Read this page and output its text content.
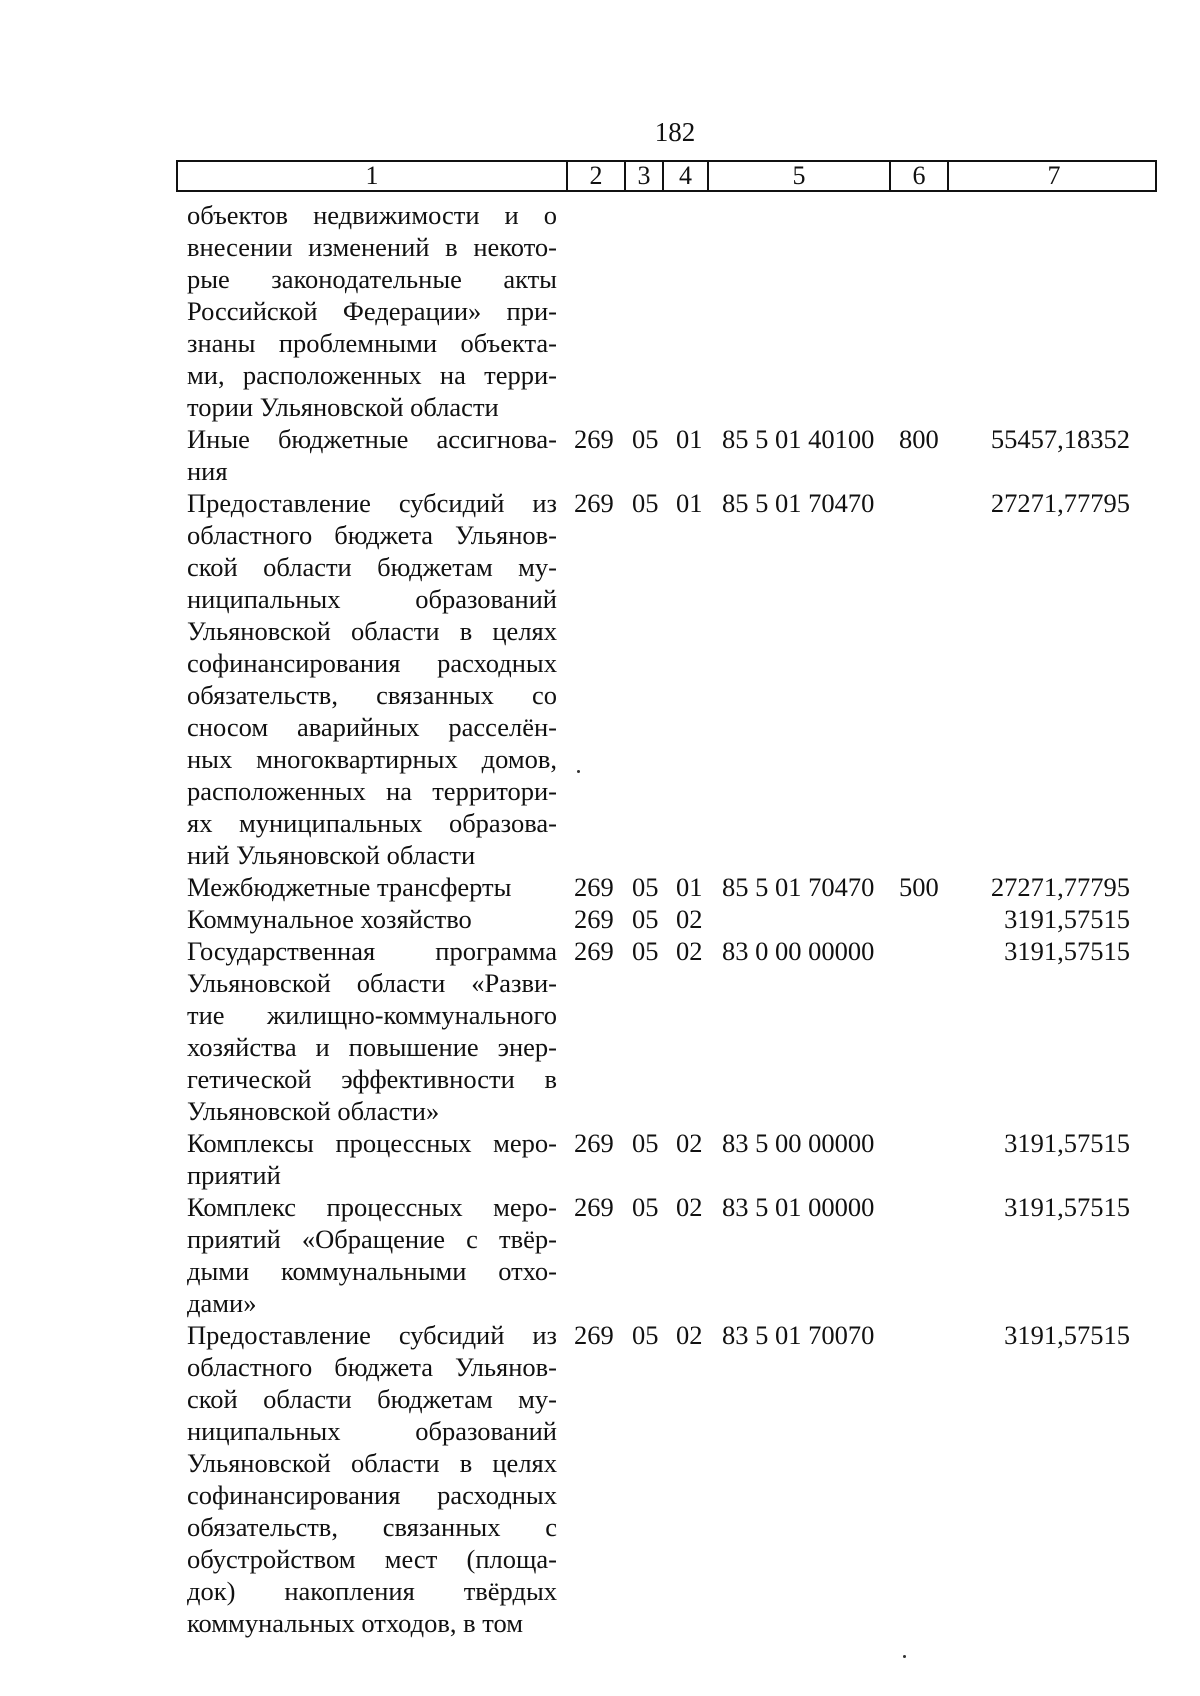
182
1	2	3	4	5	6	7
объектов недвижимости и о
внесении изменений в некото-
рые законодательные акты
Российской Федерации» при-
знаны проблемными объекта-
ми, расположенных на терри-
тории Ульяновской области
Иные бюджетные ассигнова-
ния
269 05 01 85 5 01 40100 800 55457,18352
Предоставление субсидий из
областного бюджета Ульянов-
ской области бюджетам му-
ниципальных образований
Ульяновской области в целях
софинансирования расходных
обязательств, связанных со
сносом аварийных расселён-
ных многоквартирных домов,
расположенных на территори-
ях муниципальных образова-
ний Ульяновской области
269 05 01 85 5 01 70470	27271,77795
Межбюджетные трансферты	269 05 01 85 5 01 70470 500 27271,77795
Коммунальное хозяйство	269 05 02	3191,57515
Государственная программа
Ульяновской области «Разви-
тие жилищно-коммунального
хозяйства и повышение энер-
гетической эффективности в
Ульяновской области»
269 05 02 83 0 00 00000	3191,57515
Комплексы процессных меро-
приятий
269 05 02 83 5 00 00000	3191,57515
Комплекс процессных меро-
приятий «Обращение с твёр-
дыми коммунальными отхо-
дами»
269 05 02 83 5 01 00000	3191,57515
Предоставление субсидий из
областного бюджета Ульянов-
ской области бюджетам му-
ниципальных образований
Ульяновской области в целях
софинансирования расходных
обязательств, связанных с
обустройством мест (площа-
док) накопления твёрдых
коммунальных отходов, в том
269 05 02 83 5 01 70070	3191,57515
